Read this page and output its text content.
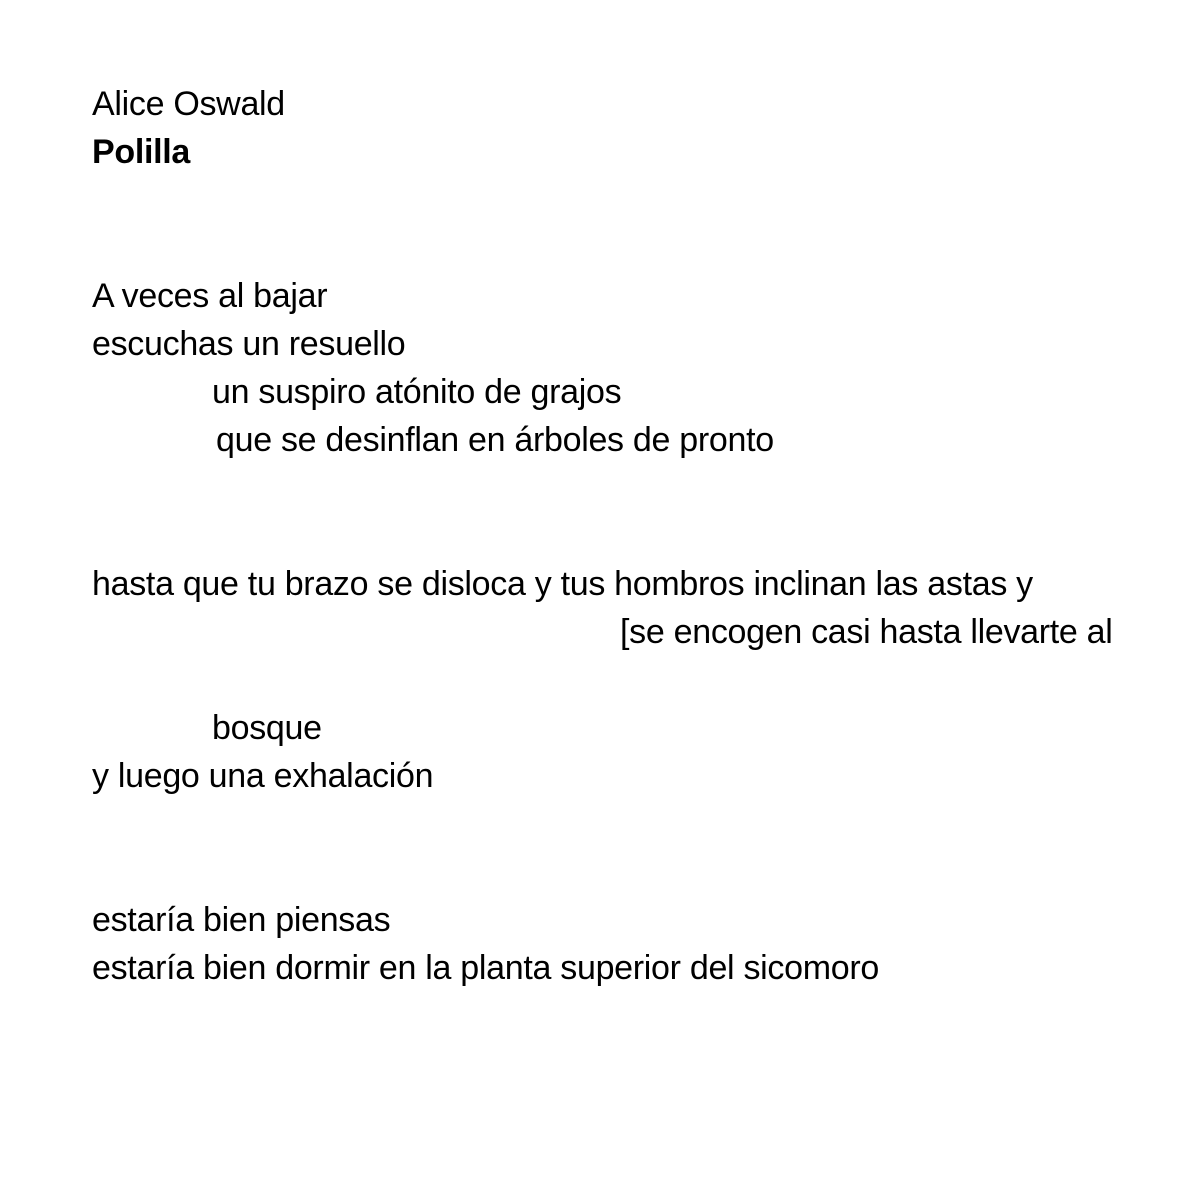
Alice Oswald
Polilla
A veces al bajar
escuchas un resuello
un suspiro atónito de grajos
que se desinflan en árboles de pronto
hasta que tu brazo se disloca y tus hombros inclinan las astas y
[se encogen casi hasta llevarte al
bosque
y luego una exhalación
estaría bien piensas
estaría bien dormir en la planta superior del sicomoro
